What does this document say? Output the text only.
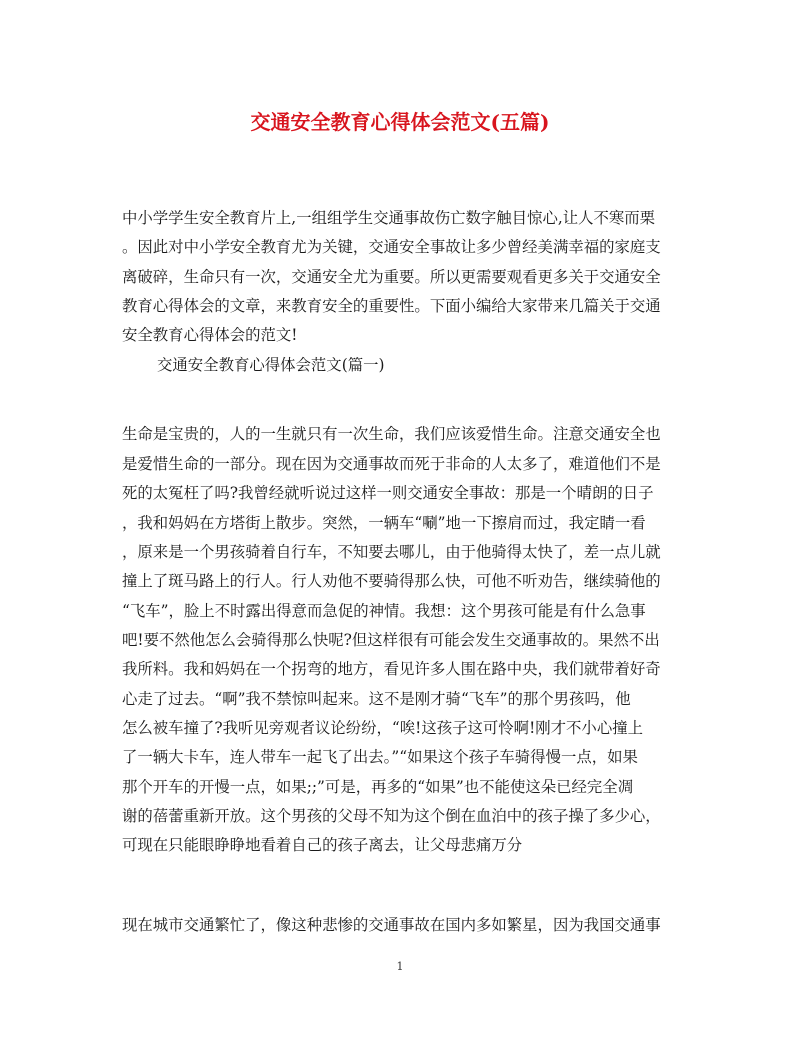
交通安全教育心得体会范文(五篇)
中小学学生安全教育片上,一组组学生交通事故伤亡数字触目惊心,让人不寒而栗
。因此对中小学安全教育尤为关键，交通安全事故让多少曾经美满幸福的家庭支
离破碎，生命只有一次，交通安全尤为重要。所以更需要观看更多关于交通安全
教育心得体会的文章，来教育安全的重要性。下面小编给大家带来几篇关于交通
安全教育心得体会的范文!
交通安全教育心得体会范文(篇一)
生命是宝贵的，人的一生就只有一次生命，我们应该爱惜生命。注意交通安全也
是爱惜生命的一部分。现在因为交通事故而死于非命的人太多了，难道他们不是
死的太冤枉了吗?我曾经就听说过这样一则交通安全事故：那是一个晴朗的日子
，我和妈妈在方塔街上散步。突然，一辆车“唰”地一下擦肩而过，我定睛一看
，原来是一个男孩骑着自行车，不知要去哪儿，由于他骑得太快了，差一点儿就
撞上了斑马路上的行人。行人劝他不要骑得那么快，可他不听劝告，继续骑他的
“飞车”，脸上不时露出得意而急促的神情。我想：这个男孩可能是有什么急事
吧!要不然他怎么会骑得那么快呢?但这样很有可能会发生交通事故的。果然不出
我所料。我和妈妈在一个拐弯的地方，看见许多人围在路中央，我们就带着好奇
心走了过去。“啊”我不禁惊叫起来。这不是刚才骑“飞车”的那个男孩吗，他
怎么被车撞了?我听见旁观者议论纷纷，“唉!这孩子这可怜啊!刚才不小心撞上
了一辆大卡车，连人带车一起飞了出去。”“如果这个孩子车骑得慢一点，如果
那个开车的开慢一点，如果;;”可是，再多的“如果”也不能使这朵已经完全凋
谢的蓓蕾重新开放。这个男孩的父母不知为这个倒在血泊中的孩子操了多少心，
可现在只能眼睁睁地看着自己的孩子离去，让父母悲痛万分
现在城市交通繁忙了，像这种悲惨的交通事故在国内多如繁星，因为我国交通事
1
